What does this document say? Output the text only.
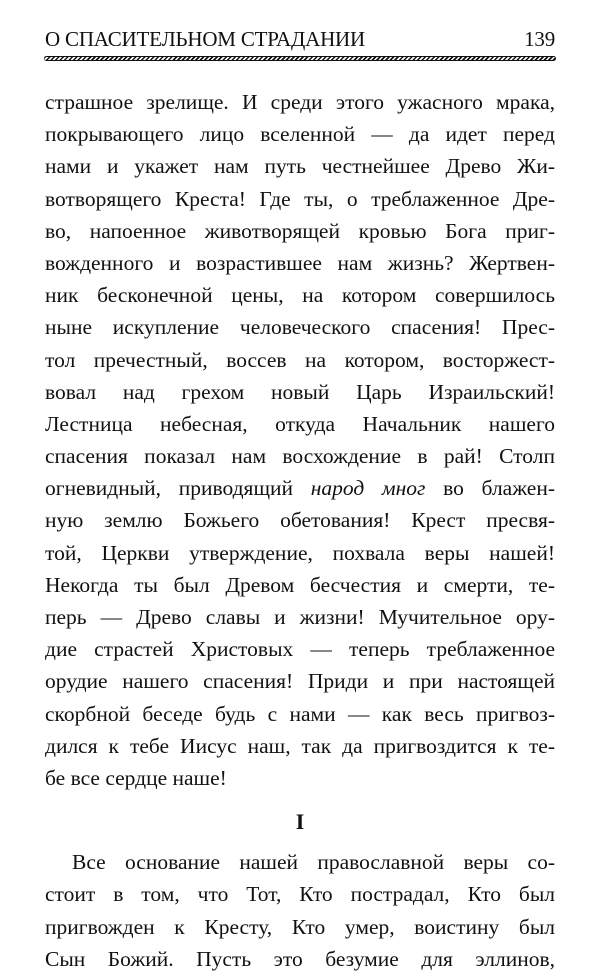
О СПАСИТЕЛЬНОМ СТРАДАНИИ	139
страшное зрелище. И среди этого ужасного мрака,
покрывающего лицо вселенной — да идет перед
нами и укажет нам путь честнейшее Древо Жи-
вотворящего Креста! Где ты, о треблаженное Дре-
во, напоенное животворящей кровью Бога приг-
вожденного и возрастившее нам жизнь? Жертвен-
ник бесконечной цены, на котором совершилось
ныне искупление человеческого спасения! Прес-
тол пречестный, воссев на котором, восторжест-
вовал над грехом новый Царь Израильский!
Лестница небесная, откуда Начальник нашего
спасения показал нам восхождение в рай! Столп
огневидный, приводящий народ мног во блажен-
ную землю Божьего обетования! Крест пресвя-
той, Церкви утверждение, похвала веры нашей!
Некогда ты был Древом бесчестия и смерти, те-
перь — Древо славы и жизни! Мучительное ору-
дие страстей Христовых — теперь треблаженное
орудие нашего спасения! Приди и при настоящей
скорбной беседе будь с нами — как весь пригвоз-
дился к тебе Иисус наш, так да пригвоздится к те-
бе все сердце наше!
I
Все основание нашей православной веры со-
стоит в том, что Тот, Кто пострадал, Кто был
пригвожден к Кресту, Кто умер, воистину был
Сын Божий. Пусть это безумие для эллинов,
